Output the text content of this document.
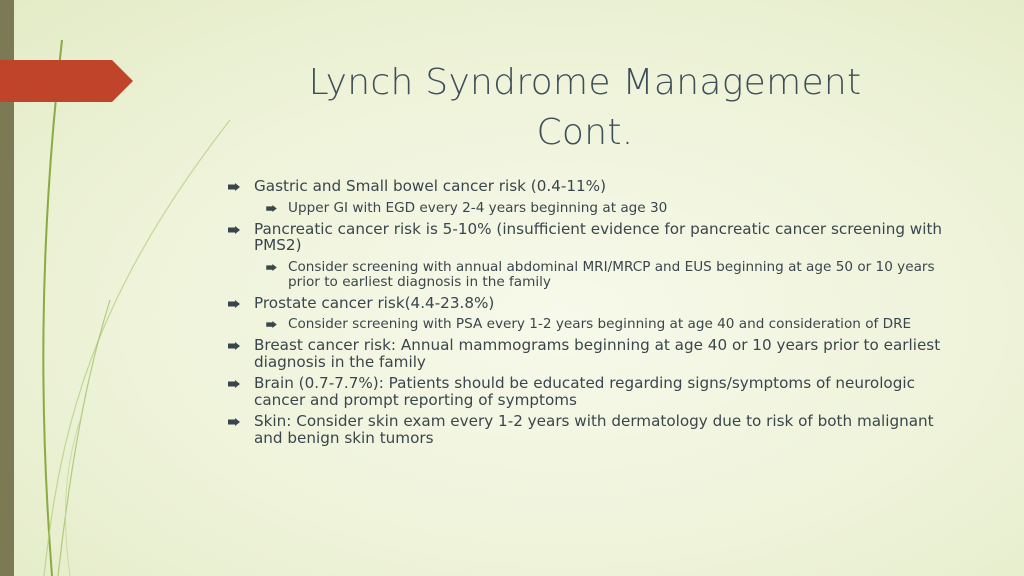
Lynch Syndrome Management
Cont.
Gastric and Small bowel cancer risk (0.4-11%)
Upper GI with EGD every 2-4 years beginning at age 30
Pancreatic cancer risk is 5-10% (insufficient evidence for pancreatic cancer screening with PMS2)
Consider screening with annual abdominal MRI/MRCP and EUS beginning at age 50 or 10 years prior to earliest diagnosis in the family
Prostate cancer risk(4.4-23.8%)
Consider screening with PSA every 1-2 years beginning at age 40 and consideration of DRE
Breast cancer risk: Annual mammograms beginning at age 40 or 10 years prior to earliest diagnosis in the family
Brain (0.7-7.7%): Patients should be educated regarding signs/symptoms of neurologic cancer and prompt reporting of symptoms
Skin: Consider skin exam every 1-2 years with dermatology due to risk of both malignant and benign skin tumors
